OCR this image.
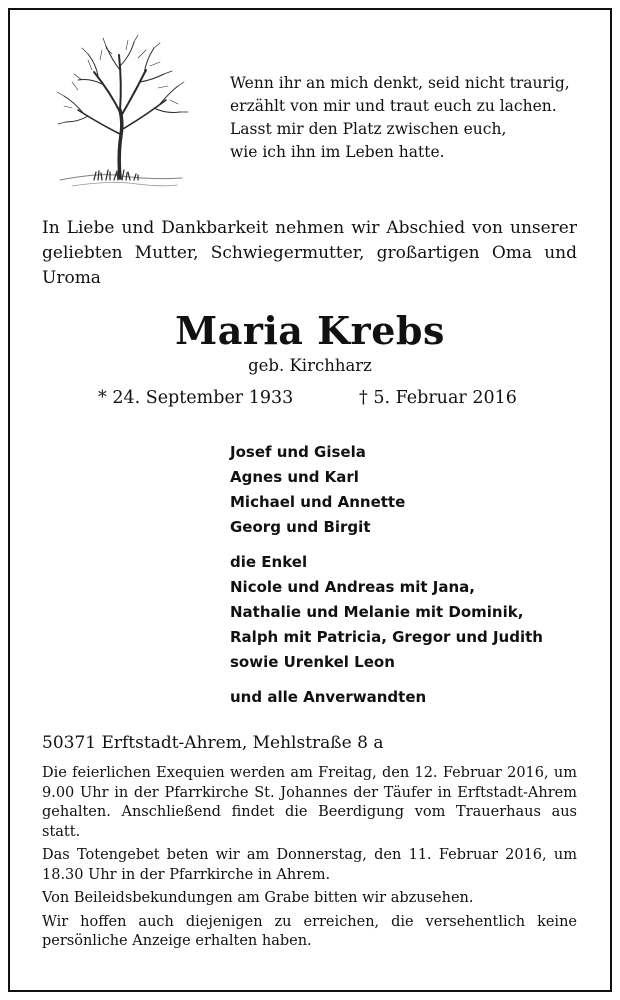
Wenn ihr an mich denkt, seid nicht traurig,
erzählt von mir und traut euch zu lachen.
Lasst mir den Platz zwischen euch,
wie ich ihn im Leben hatte.
In Liebe und Dankbarkeit nehmen wir Abschied von unserer geliebten Mutter, Schwiegermutter, großartigen Oma und Uroma
Maria Krebs
geb. Kirchharz
* 24. September 1933	† 5. Februar 2016
Josef und Gisela
Agnes und Karl
Michael und Annette
Georg und Birgit
die Enkel
Nicole und Andreas mit Jana,
Nathalie und Melanie mit Dominik,
Ralph mit Patricia, Gregor und Judith
sowie Urenkel Leon
und alle Anverwandten
50371 Erftstadt-Ahrem, Mehlstraße 8 a

Die feierlichen Exequien werden am Freitag, den 12. Februar 2016, um 9.00 Uhr in der Pfarrkirche St. Johannes der Täufer in Erftstadt-Ahrem gehalten. Anschließend findet die Beerdigung vom Trauerhaus aus statt.

Das Totengebet beten wir am Donnerstag, den 11. Februar 2016, um 18.30 Uhr in der Pfarrkirche in Ahrem.

Von Beileidsbekundungen am Grabe bitten wir abzusehen.

Wir hoffen auch diejenigen zu erreichen, die versehentlich keine persönliche Anzeige erhalten haben.
